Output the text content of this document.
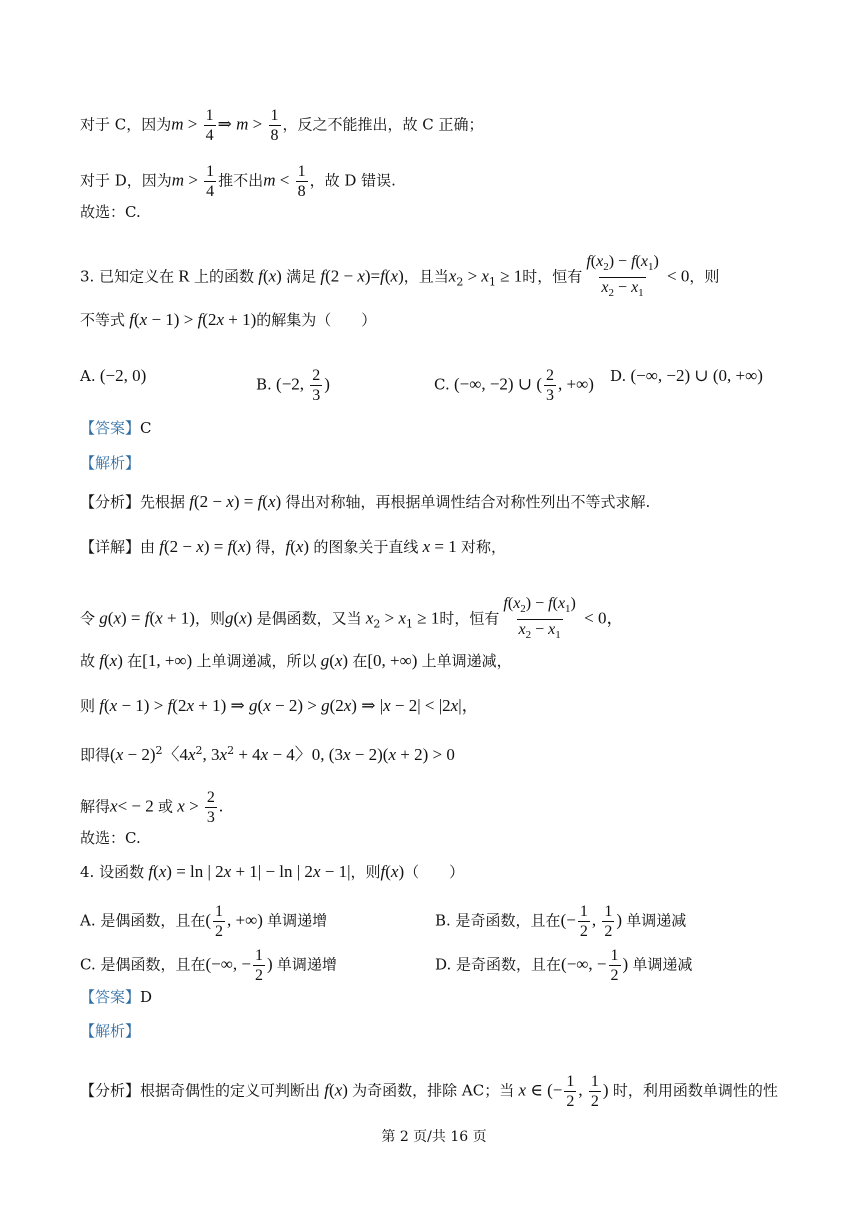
对于 C，因为$m > \frac{1}{4}$ ⇒ $m > \frac{1}{8}$ ，反之不能推出，故 C 正确；
对于 D，因为$m > \frac{1}{4}$ 推不出$m < \frac{1}{8}$ ，故 D 错误.
故选：C.
3. 已知定义在 R 上的函数 f(x) 满足 f(2 − x)=f(x)，且当$x_2 > x_1 \ge 1$时，恒有 $\frac{f(x_2) - f(x_1)}{x_2 - x_1} < 0$，则
不等式 f(x − 1) > f(2x + 1)的解集为（　　）
A. (−2, 0)	B. (−2, $\frac{2}{3}$ )	C. (−∞, −2) ∪ ( $\frac{2}{3}$ , +∞) D. (−∞, −2) ∪ (0, +∞)
【答案】C
【解析】
【分析】先根据 f(2 − x) = f(x) 得出对称轴，再根据单调性结合对称性列出不等式求解.
【详解】由 f(2 − x) = f(x) 得，f(x) 的图象关于直线 x = 1 对称，
令 g(x) = f(x + 1)，则g(x) 是偶函数，又当 $x_2 > x_1 \ge 1$时，恒有 $\frac{f(x_2) - f(x_1)}{x_2 - x_1} < 0$，
故 f(x) 在[1, +∞) 上单调递减，所以 g(x) 在[0, +∞) 上单调递减，
则 f(x − 1) > f(2x + 1) ⇒ g(x − 2) > g(2x) ⇒ |x − 2| < |2x|，
即得$(x - 2)^2$〈$4x^2$, $3x^2 + 4x - 4$〉0, (3x − 2)(x + 2) > 0
解得x< − 2 或 $x > \frac{2}{3}$ .
故选：C.
4. 设函数 f(x) = ln | 2x + 1| − ln | 2x − 1|，则f(x)（　　）
A. 是偶函数，且在( $\frac{1}{2}$ , +∞) 单调递增	B. 是奇函数，且在(− $\frac{1}{2}$ , $\frac{1}{2}$ ) 单调递减
C. 是偶函数，且在(−∞, − $\frac{1}{2}$ ) 单调递增	D. 是奇函数，且在(−∞, − $\frac{1}{2}$ ) 单调递减
【答案】D
【解析】
【分析】根据奇偶性的定义可判断出 f(x) 为奇函数，排除 AC；当 x ∈ (− $\frac{1}{2}$ , $\frac{1}{2}$ ) 时，利用函数单调性的性
第 2 页/共 16 页
